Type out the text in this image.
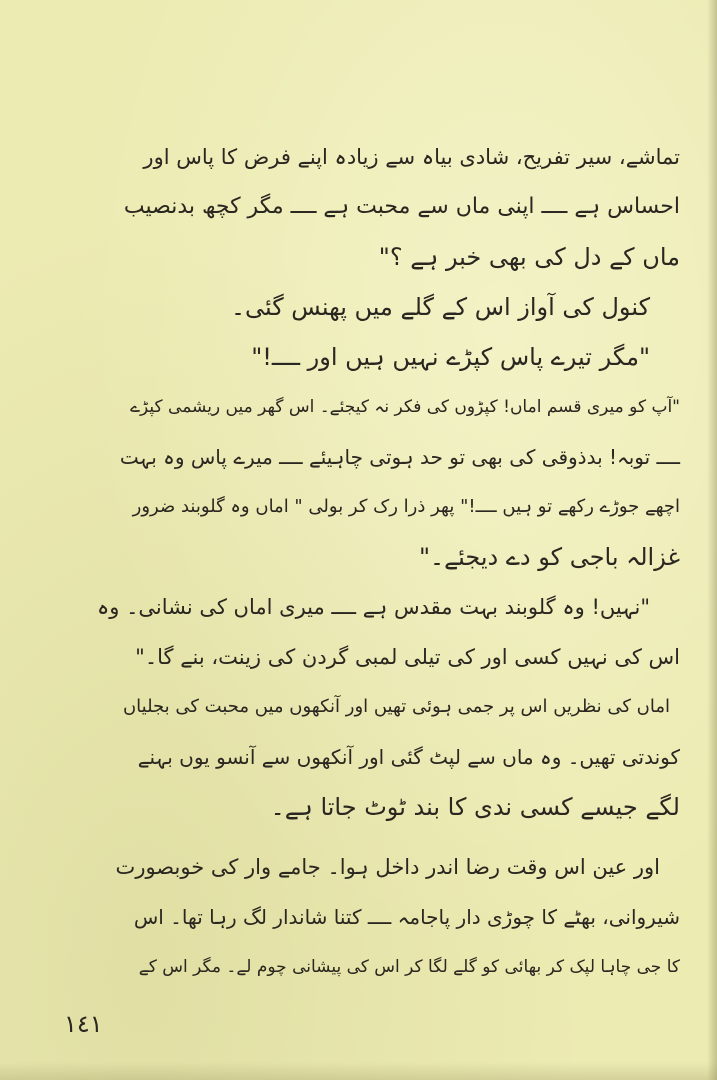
تماشے، سیر تفریح، شادی بیاہ سے زیادہ اپنے فرض کا پاس اور
احساس ہے ــــ اپنی ماں سے محبت ہے ــــ مگر کچھ بدنصیب
ماں کے دل کی بھی خبر ہے ؟"
کنول کی آواز اس کے گلے میں پھنس گئی۔
"مگر تیرے پاس کپڑے نہیں ہیں اور ــــ!"
"آپ کو میری قسم اماں! کپڑوں کی فکر نہ کیجئے۔ اس گھر میں ریشمی کپڑے
ــــ توبہ! بدذوقی کی بھی تو حد ہوتی چاہیئے ــــ میرے پاس وہ بہت
اچھے جوڑے رکھے تو ہیں ــــ!" پھر ذرا رک کر بولی " اماں وہ گلوبند ضرور
غزالہ باجی کو دے دیجئے۔"
"نہیں! وہ گلوبند بہت مقدس ہے ــــ میری اماں کی نشانی۔ وہ
اس کی نہیں کسی اور کی تیلی لمبی گردن کی زینت، بنے گا۔"
اماں کی نظریں اس پر جمی ہوئی تھیں اور آنکھوں میں محبت کی بجلیاں
کوندتی تھیں۔ وہ ماں سے لپٹ گئی اور آنکھوں سے آنسو یوں بہنے
لگے جیسے کسی ندی کا بند ٹوٹ جاتا ہے۔
اور عین اس وقت رضا اندر داخل ہوا۔ جامے وار کی خوبصورت
شیروانی، بھٹے کا چوڑی دار پاجامہ ــــ کتنا شاندار لگ رہا تھا۔ اس
کا جی چاہا لپک کر بھائی کو گلے لگا کر اس کی پیشانی چوم لے۔ مگر اس کے
١٤١
